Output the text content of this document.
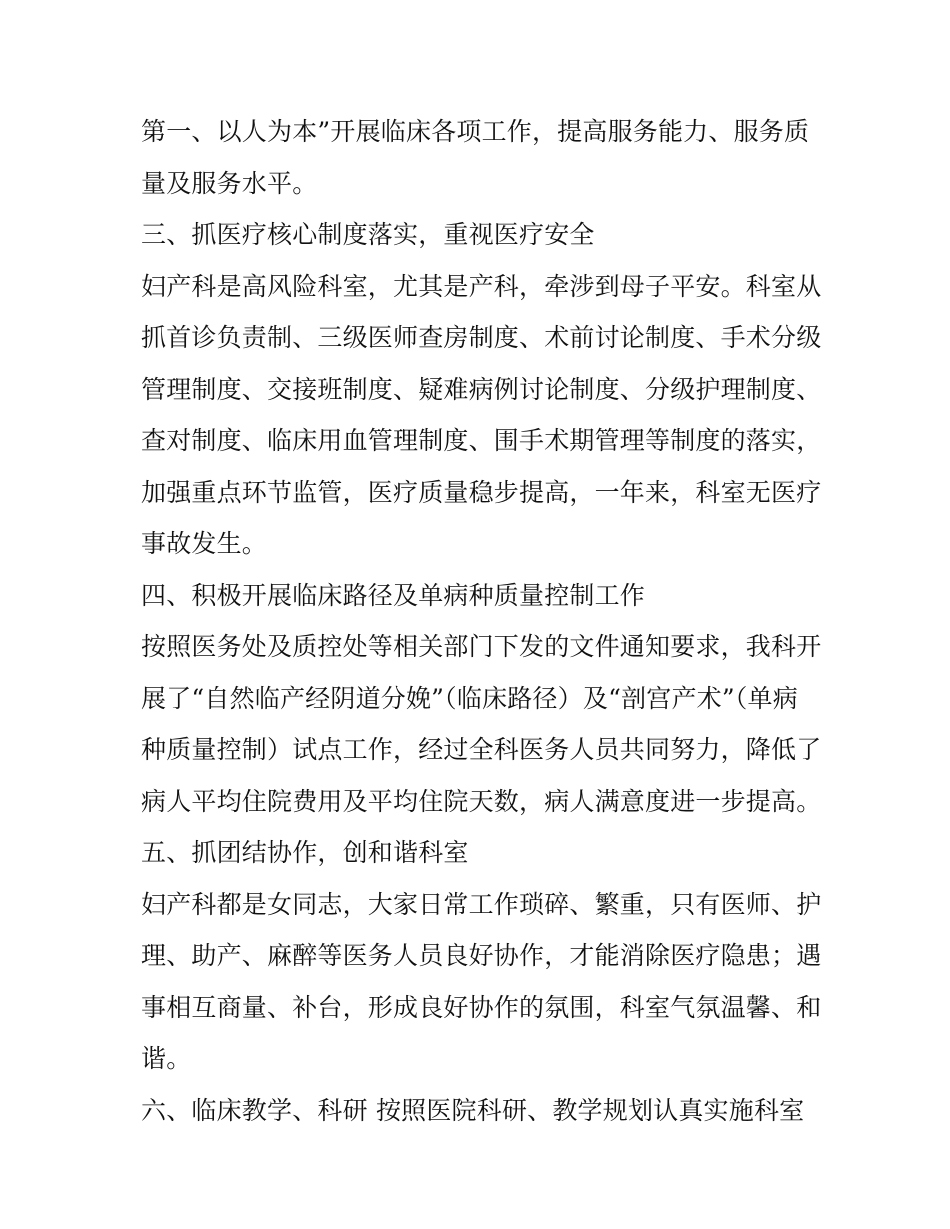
第一、以人为本”开展临床各项工作，提高服务能力、服务质
量及服务水平。
三、抓医疗核心制度落实，重视医疗安全
妇产科是高风险科室，尤其是产科，牵涉到母子平安。科室从
抓首诊负责制、三级医师查房制度、术前讨论制度、手术分级
管理制度、交接班制度、疑难病例讨论制度、分级护理制度、
查对制度、临床用血管理制度、围手术期管理等制度的落实，
加强重点环节监管，医疗质量稳步提高，一年来，科室无医疗
事故发生。
四、积极开展临床路径及单病种质量控制工作
按照医务处及质控处等相关部门下发的文件通知要求，我科开
展了“自然临产经阴道分娩”（临床路径）及“剖宫产术”（单病
种质量控制）试点工作，经过全科医务人员共同努力，降低了
病人平均住院费用及平均住院天数，病人满意度进一步提高。
五、抓团结协作，创和谐科室
妇产科都是女同志，大家日常工作琐碎、繁重，只有医师、护
理、助产、麻醉等医务人员良好协作，才能消除医疗隐患；遇
事相互商量、补台，形成良好协作的氛围，科室气氛温馨、和
谐。
六、临床教学、科研 按照医院科研、教学规划认真实施科室
